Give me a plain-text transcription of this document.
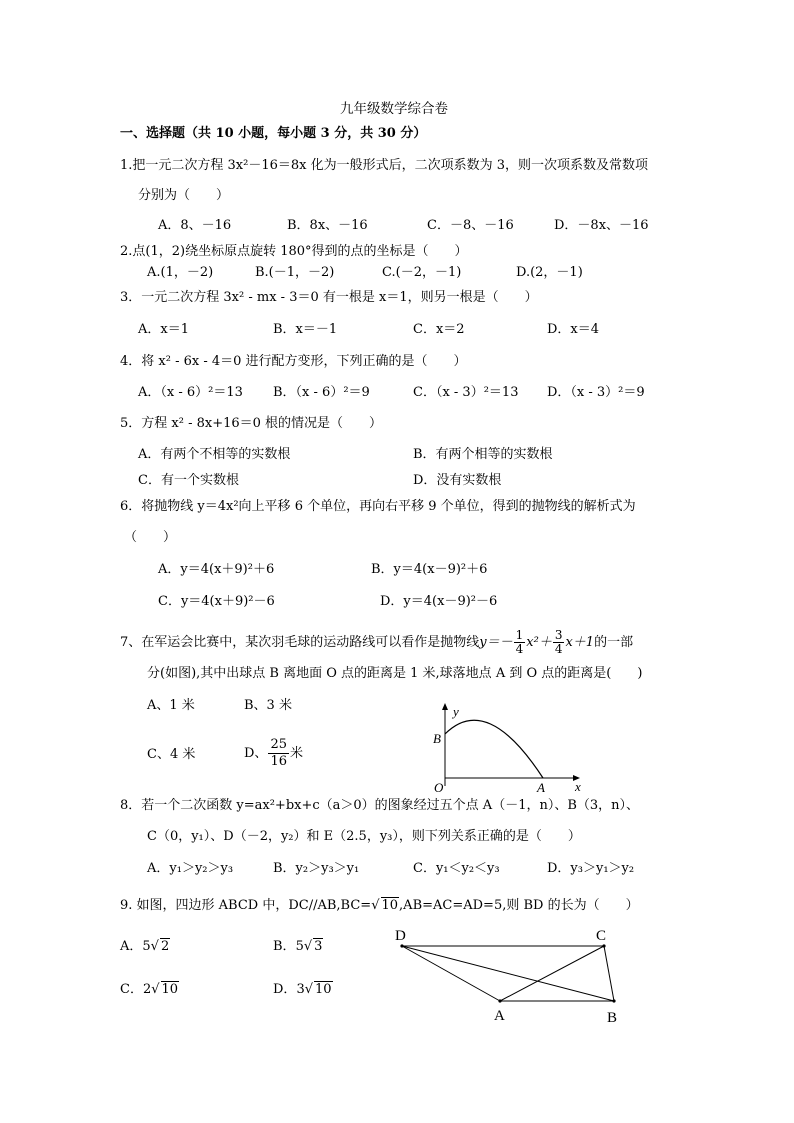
九年级数学综合卷
一、选择题（共 10 小题，每小题 3 分，共 30 分）
1.把一元二次方程 3x²－16＝8x 化为一般形式后，二次项系数为 3，则一次项系数及常数项
分别为（　　）
A．8、－16	B．8x、－16	C．－8、－16	D．－8x、－16
2.点(1，2)绕坐标原点旋转 180°得到的点的坐标是（　　）
A.(1，－2)	B.(－1，－2)	C.(－2，－1)	D.(2，－1)
3．一元二次方程 3x² - mx - 3＝0 有一根是 x＝1，则另一根是（　　）
A．x＝1	B．x＝－1	C．x＝2	D．x＝4
4．将 x² - 6x - 4＝0 进行配方变形，下列正确的是（　　）
A．（x - 6）²＝13 B．（x - 6）²＝9	C．（x - 3）²＝13 D．（x - 3）²＝9
5．方程 x² - 8x+16＝0 根的情况是（　　）
A．有两个不相等的实数根	B．有两个相等的实数根
C．有一个实数根	D．没有实数根
6．将抛物线 y＝4x²向上平移 6 个单位，再向右平移 9 个单位，得到的抛物线的解析式为
（　　）
A．y＝4(x＋9)²＋6	B．y＝4(x－9)²＋6
C．y＝4(x＋9)²－6	D．y＝4(x－9)²－6
7、在军运会比赛中，某次羽毛球的运动路线可以看作是抛物线$y=- \frac{1}{4} x^2+ \frac{3}{4} x+1$的一部
分(如图),其中出球点 B 离地面 O 点的距离是 1 米,球落地点 A 到 O 点的距离是(　　)
A、1 米	B、3 米
C、4 米	D、 $\frac{25}{16}$ 米
y
x
B
O	A
8．若一个二次函数 y=ax²+bx+c（a＞0）的图象经过五个点 A（－1，n）、B（3，n）、
C（0，y₁）、D（－2，y₂）和 E（2.5，y₃），则下列关系正确的是（　　）
A．y₁＞y₂＞y₃	B．y₂＞y₃＞y₁	C．y₁＜y₂＜y₃	D．y₃＞y₁＞y₂
9. 如图，四边形 ABCD 中，DC//AB,BC=√ 10,AB=AC=AD=5,则 BD 的长为（　　）
A．5√ 2	B．5√ 3
C．2√ 10	D．3√ 10
D	C
A	B
